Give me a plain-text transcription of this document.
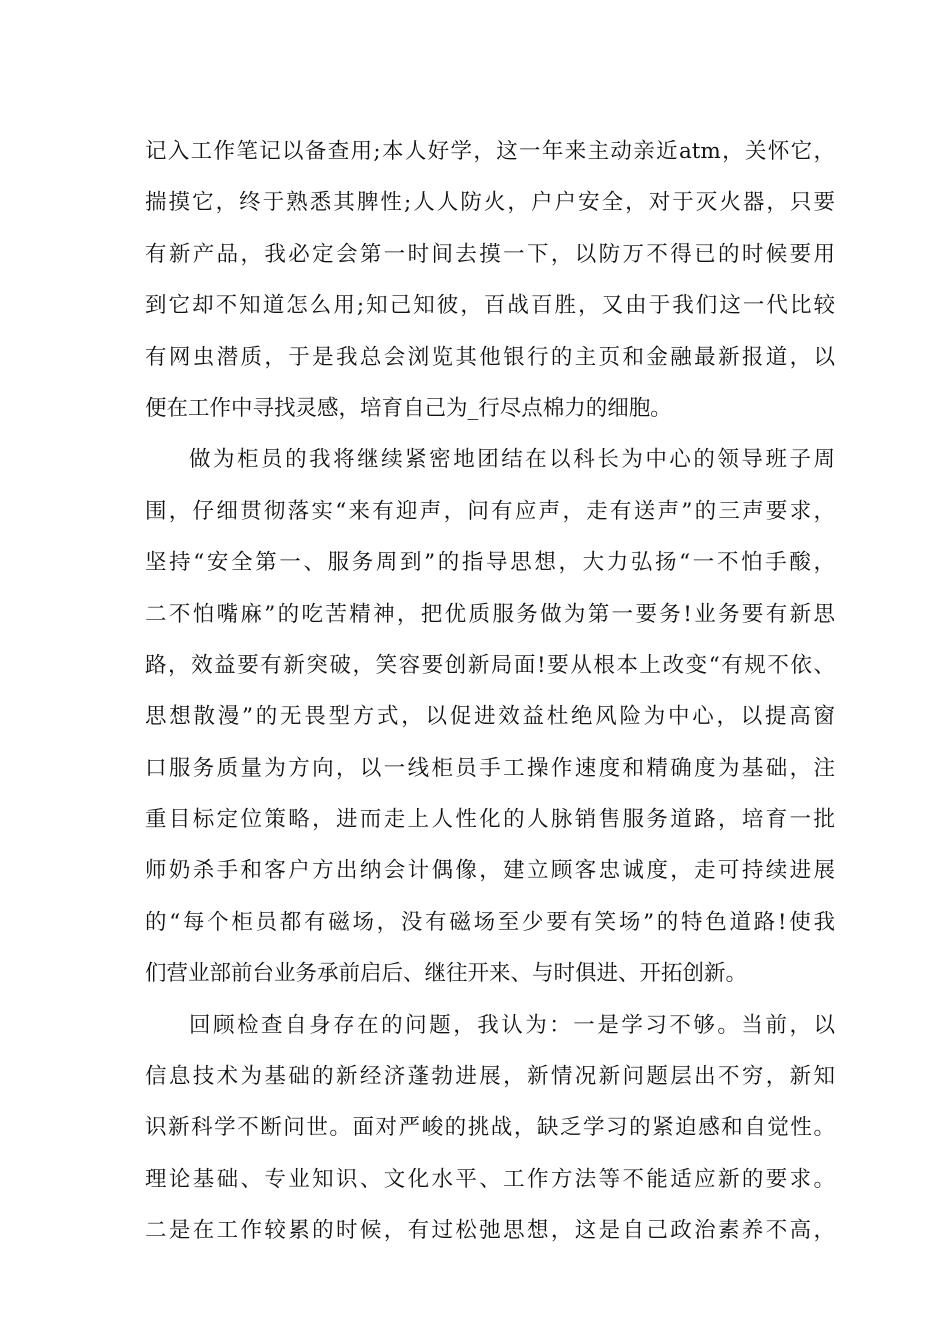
记入工作笔记以备查用;本人好学，这一年来主动亲近atm，关怀它，
揣摸它，终于熟悉其脾性;人人防火，户户安全，对于灭火器，只要
有新产品，我必定会第一时间去摸一下，以防万不得已的时候要用
到它却不知道怎么用;知己知彼，百战百胜，又由于我们这一代比较
有网虫潜质，于是我总会浏览其他银行的主页和金融最新报道，以
便在工作中寻找灵感，培育自己为_行尽点棉力的细胞。
做为柜员的我将继续紧密地团结在以科长为中心的领导班子周
围，仔细贯彻落实“来有迎声，问有应声，走有送声”的三声要求，
坚持“安全第一、服务周到”的指导思想，大力弘扬“一不怕手酸，
二不怕嘴麻”的吃苦精神，把优质服务做为第一要务!业务要有新思
路，效益要有新突破，笑容要创新局面!要从根本上改变“有规不依、
思想散漫”的无畏型方式，以促进效益杜绝风险为中心，以提高窗
口服务质量为方向，以一线柜员手工操作速度和精确度为基础，注
重目标定位策略，进而走上人性化的人脉销售服务道路，培育一批
师奶杀手和客户方出纳会计偶像，建立顾客忠诚度，走可持续进展
的“每个柜员都有磁场，没有磁场至少要有笑场”的特色道路!使我
们营业部前台业务承前启后、继往开来、与时俱进、开拓创新。
回顾检查自身存在的问题，我认为：一是学习不够。当前，以
信息技术为基础的新经济蓬勃进展，新情况新问题层出不穷，新知
识新科学不断问世。面对严峻的挑战，缺乏学习的紧迫感和自觉性。
理论基础、专业知识、文化水平、工作方法等不能适应新的要求。
二是在工作较累的时候，有过松弛思想，这是自己政治素养不高，
